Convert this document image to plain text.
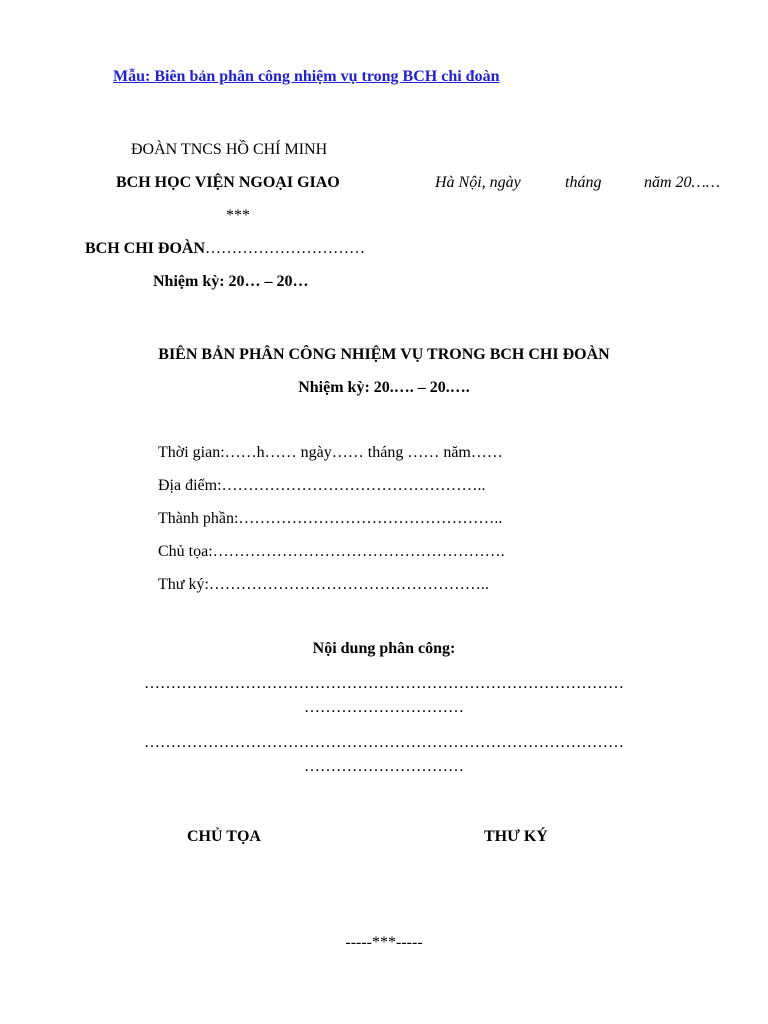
Mẫu: Biên bản phân công nhiệm vụ trong BCH chi đoàn
ĐOÀN TNCS HỒ CHÍ MINH
BCH HỌC VIỆN NGOẠI GIAO
***
BCH CHI ĐOÀN…………………………
Nhiệm kỳ: 20… – 20…
Hà Nội, ngày	tháng	năm 20……
BIÊN BẢN PHÂN CÔNG NHIỆM VỤ TRONG BCH CHI ĐOÀN
Nhiệm kỳ: 20.…. – 20.….
Thời gian:……h…… ngày…… tháng …… năm……
Địa điểm:…………………………………………..
Thành phần:…………………………………………..
Chủ tọa:……………………………………………….
Thư ký:……………………………………………..
Nội dung phân công:
………………………………………………………………………………
…………………………
………………………………………………………………………………
…………………………
CHỦ TỌA	THƯ KÝ
-----***-----
